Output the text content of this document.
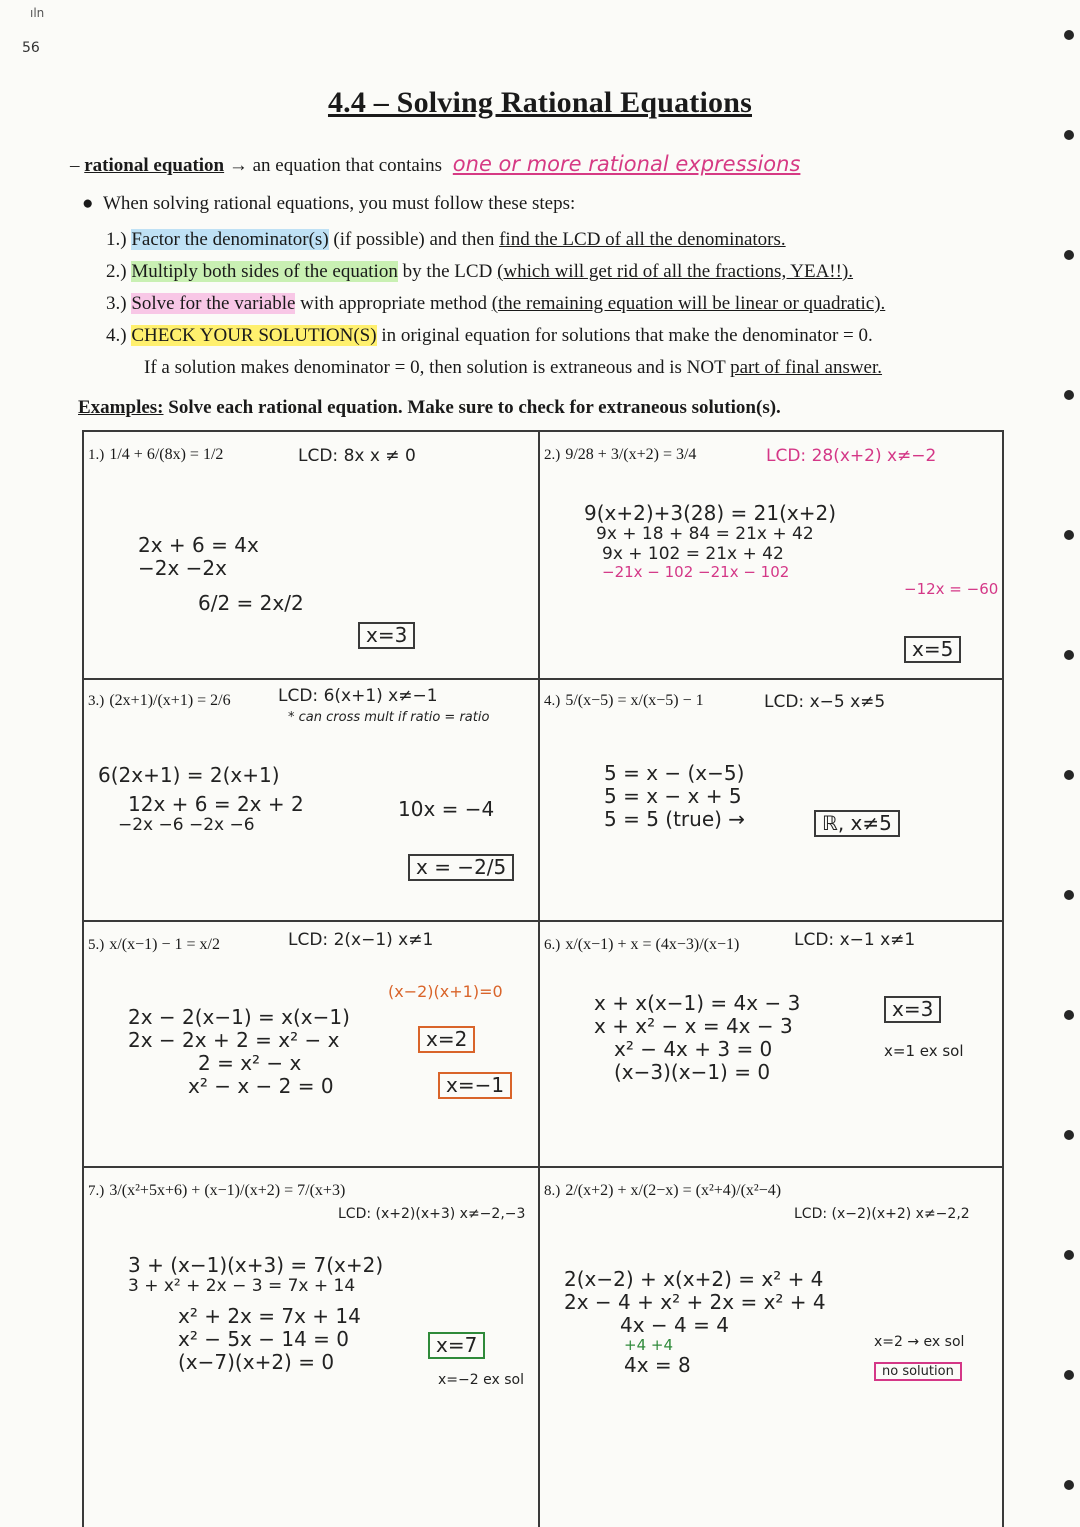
ıln
56
4.4 – Solving Rational Equations
– rational equation → an equation that contains one or more rational expressions
●  When solving rational equations, you must follow these steps:
1.) Factor the denominator(s) (if possible) and then find the LCD of all the denominators.
2.) Multiply both sides of the equation by the LCD (which will get rid of all the fractions, YEA!!).
3.) Solve for the variable with appropriate method (the remaining equation will be linear or quadratic).
4.) CHECK YOUR SOLUTION(S) in original equation for solutions that make the denominator = 0.
If a solution makes denominator = 0, then solution is extraneous and is NOT part of final answer.
Examples: Solve each rational equation. Make sure to check for extraneous solution(s).
1.) 1/4 + 6/(8x) = 1/2	LCD: 8x x ≠ 0
2x + 6 = 4x
−2x −2x
6/2 = 2x/2
x=3
2.) 9/28 + 3/(x+2) = 3/4	LCD: 28(x+2) x≠−2
9(x+2)+3(28) = 21(x+2)
9x + 18 + 84 = 21x + 42
9x + 102 = 21x + 42
−21x − 102 −21x − 102
−12x = −60
x=5
3.) (2x+1)/(x+1) = 2/6	LCD: 6(x+1) x≠−1
* can cross mult if ratio = ratio
6(2x+1) = 2(x+1)
12x + 6 = 2x + 2
−2x −6 −2x −6
10x = −4
x = −2/5
4.) 5/(x−5) = x/(x−5) − 1	LCD: x−5 x≠5
5 = x − (x−5)
5 = x − x + 5
5 = 5 (true) →	ℝ, x≠5
5.) x/(x−1) − 1 = x/2	LCD: 2(x−1) x≠1
2x − 2(x−1) = x(x−1)
2x − 2x + 2 = x² − x
2 = x² − x
x² − x − 2 = 0
(x−2)(x+1)=0
x=2
x=−1
6.) x/(x−1) + x = (4x−3)/(x−1)	LCD: x−1 x≠1
x + x(x−1) = 4x − 3
x + x² − x = 4x − 3
x² − 4x + 3 = 0
(x−3)(x−1) = 0
x=3
x=1 ex sol
7.) 3/(x²+5x+6) + (x−1)/(x+2) = 7/(x+3)
LCD: (x+2)(x+3) x≠−2,−3
3 + (x−1)(x+3) = 7(x+2)
3 + x² + 2x − 3 = 7x + 14
x² + 2x = 7x + 14
x² − 5x − 14 = 0
(x−7)(x+2) = 0
x=7
x=−2 ex sol
8.) 2/(x+2) + x/(2−x) = (x²+4)/(x²−4)
LCD: (x−2)(x+2) x≠−2,2
2(x−2) + x(x+2) = x² + 4
2x − 4 + x² + 2x = x² + 4
4x − 4 = 4
+4 +4
4x = 8
x=2 → ex sol
no solution
